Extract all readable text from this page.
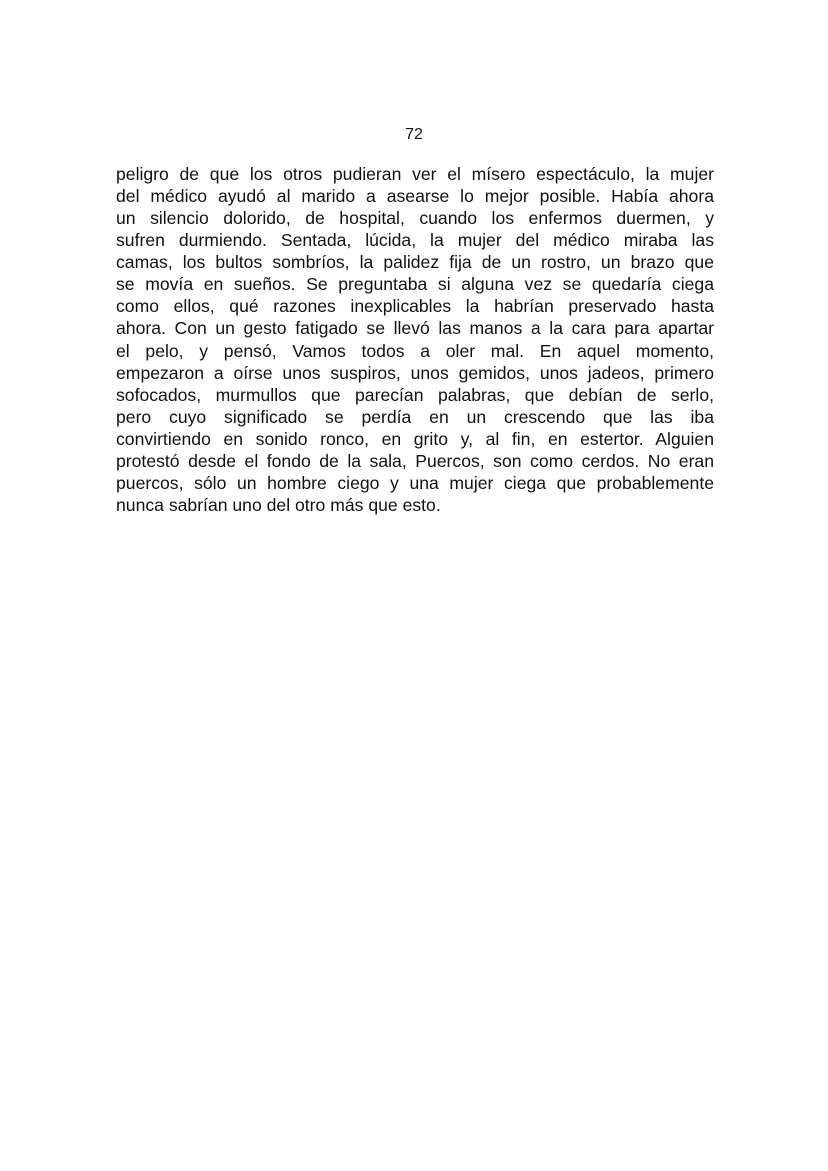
72
peligro de que los otros pudieran ver el mísero espectáculo, la mujer
del médico ayudó al marido a asearse lo mejor posible. Había ahora
un silencio dolorido, de hospital, cuando los enfermos duermen, y
sufren durmiendo. Sentada, lúcida, la mujer del médico miraba las
camas, los bultos sombríos, la palidez fija de un rostro, un brazo que
se movía en sueños. Se preguntaba si alguna vez se quedaría ciega
como ellos, qué razones inexplicables la habrían preservado hasta
ahora. Con un gesto fatigado se llevó las manos a la cara para apartar
el pelo, y pensó, Vamos todos a oler mal. En aquel momento,
empezaron a oírse unos suspiros, unos gemidos, unos jadeos, primero
sofocados, murmullos que parecían palabras, que debían de serlo,
pero cuyo significado se perdía en un crescendo que las iba
convirtiendo en sonido ronco, en grito y, al fin, en estertor. Alguien
protestó desde el fondo de la sala, Puercos, son como cerdos. No eran
puercos, sólo un hombre ciego y una mujer ciega que probablemente
nunca sabrían uno del otro más que esto.
